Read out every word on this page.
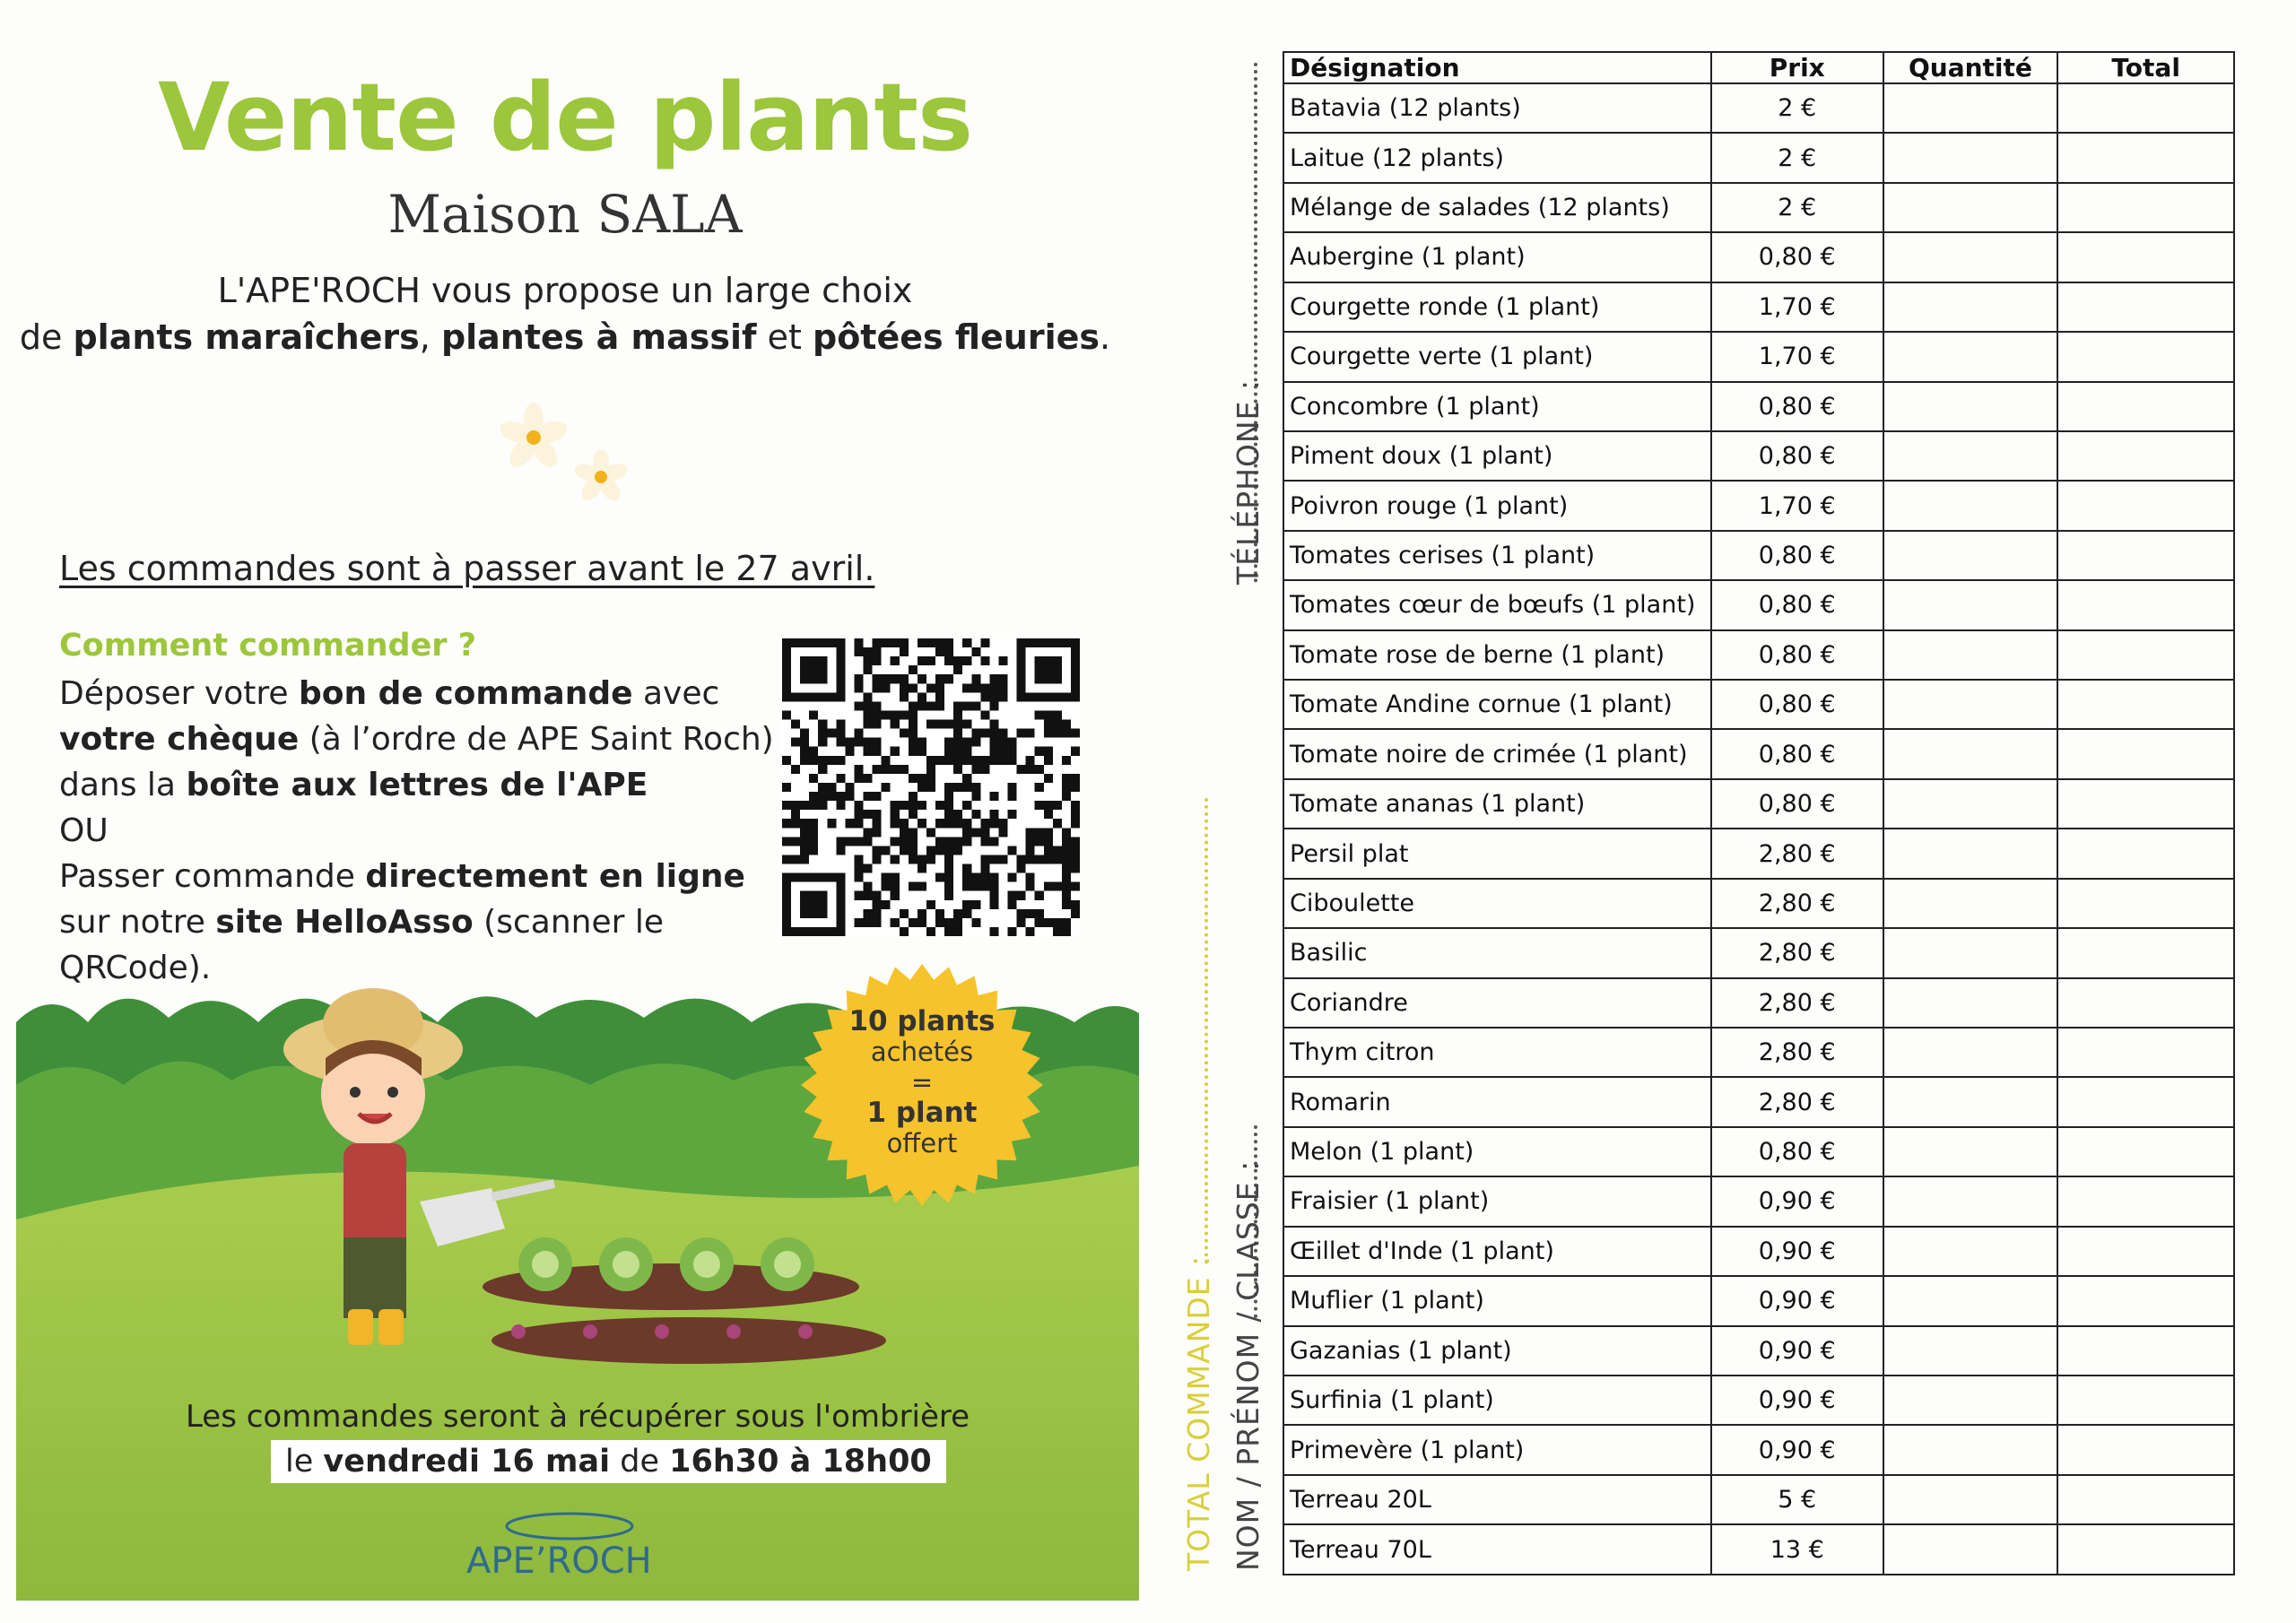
Vente de plants
Maison SALA
L'APE'ROCH vous propose un large choix
de plants maraîchers, plantes à massif et pôtées fleuries.
Les commandes sont à passer avant le 27 avril.
Comment commander ?
Déposer votre bon de commande avec
votre chèque (à l’ordre de APE Saint Roch)
dans la boîte aux lettres de l'APE
OU
Passer commande directement en ligne
sur notre site HelloAsso (scanner le QRCode).
10 plants
achetés
=
1 plant
offert
Les commandes seront à récupérer sous l'ombrière
le vendredi 16 mai de 16h30 à 18h00
APE’ROCH
TÉLÉPHONE :
NOM / PRÉNOM / CLASSE :
TOTAL COMMANDE :
Désignation	Prix	Quantité	Total
Batavia (12 plants)	2 €		
Laitue (12 plants)	2 €		
Mélange de salades (12 plants)	2 €		
Aubergine (1 plant)	0,80 €		
Courgette ronde (1 plant)	1,70 €		
Courgette verte (1 plant)	1,70 €		
Concombre (1 plant)	0,80 €		
Piment doux (1 plant)	0,80 €		
Poivron rouge (1 plant)	1,70 €		
Tomates cerises (1 plant)	0,80 €		
Tomates cœur de bœufs (1 plant)	0,80 €		
Tomate rose de berne (1 plant)	0,80 €		
Tomate Andine cornue (1 plant)	0,80 €		
Tomate noire de crimée (1 plant)	0,80 €		
Tomate ananas (1 plant)	0,80 €		
Persil plat	2,80 €		
Ciboulette	2,80 €		
Basilic	2,80 €		
Coriandre	2,80 €		
Thym citron	2,80 €		
Romarin	2,80 €		
Melon (1 plant)	0,80 €		
Fraisier (1 plant)	0,90 €		
Œillet d'Inde (1 plant)	0,90 €		
Muflier (1 plant)	0,90 €		
Gazanias (1 plant)	0,90 €		
Surfinia (1 plant)	0,90 €		
Primevère (1 plant)	0,90 €		
Terreau 20L	5 €		
Terreau 70L	13 €		
